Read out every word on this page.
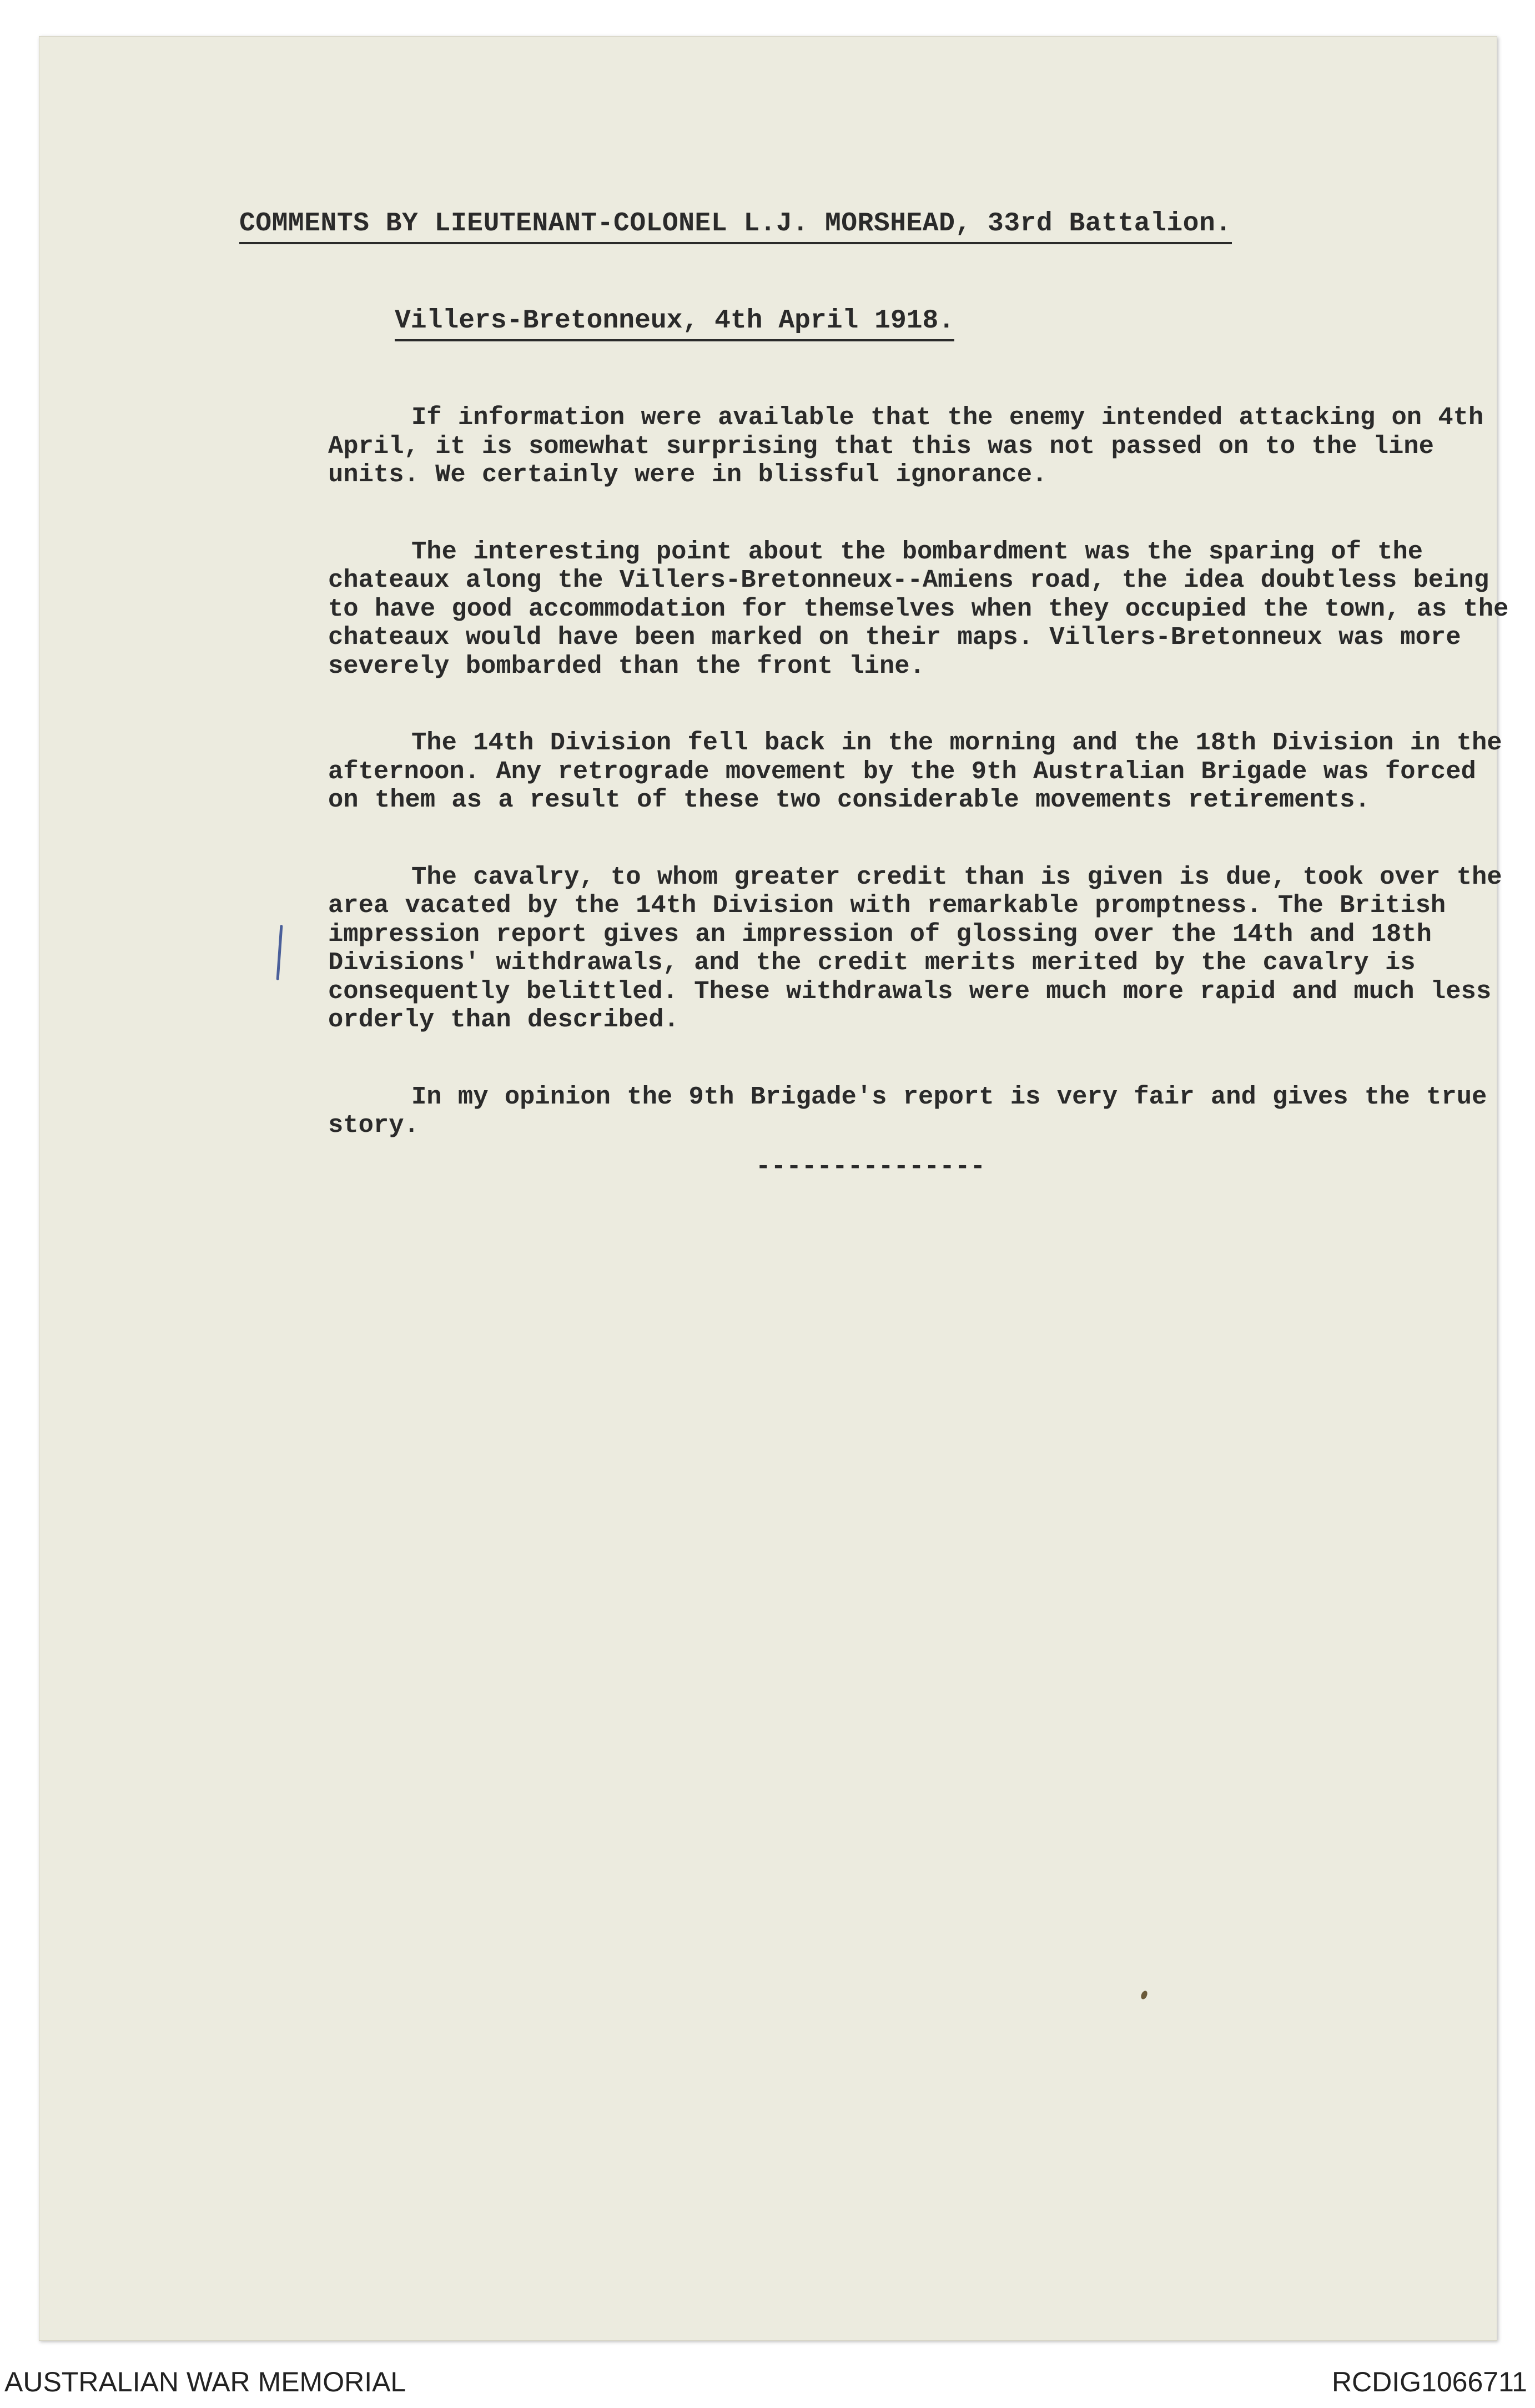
COMMENTS BY LIEUTENANT-COLONEL L.J. MORSHEAD, 33rd Battalion.
Villers-Bretonneux, 4th April 1918.

If information were available that the enemy intended attacking on 4th April, it is somewhat surprising that this was not passed on to the line units. We certainly were in blissful ignorance.

The interesting point about the bombardment was the sparing of the chateaux along the Villers-Bretonneux--Amiens road, the idea doubtless being to have good accommodation for themselves when they occupied the town, as the chateaux would have been marked on their maps. Villers-Bretonneux was more severely bombarded than the front line.

The 14th Division fell back in the morning and the 18th Division in the afternoon. Any retrograde movement by the 9th Australian Brigade was forced on them as a result of these two considerable movements retirements.

The cavalry, to whom greater credit than is given is due, took over the area vacated by the 14th Division with remarkable promptness. The British impression report gives an impression of glossing over the 14th and 18th Divisions' withdrawals, and the credit merits merited by the cavalry is consequently belittled. These withdrawals were much more rapid and much less orderly than described.

In my opinion the 9th Brigade's report is very fair and gives the true story.

---------------
AUSTRALIAN WAR MEMORIAL	RCDIG1066711
